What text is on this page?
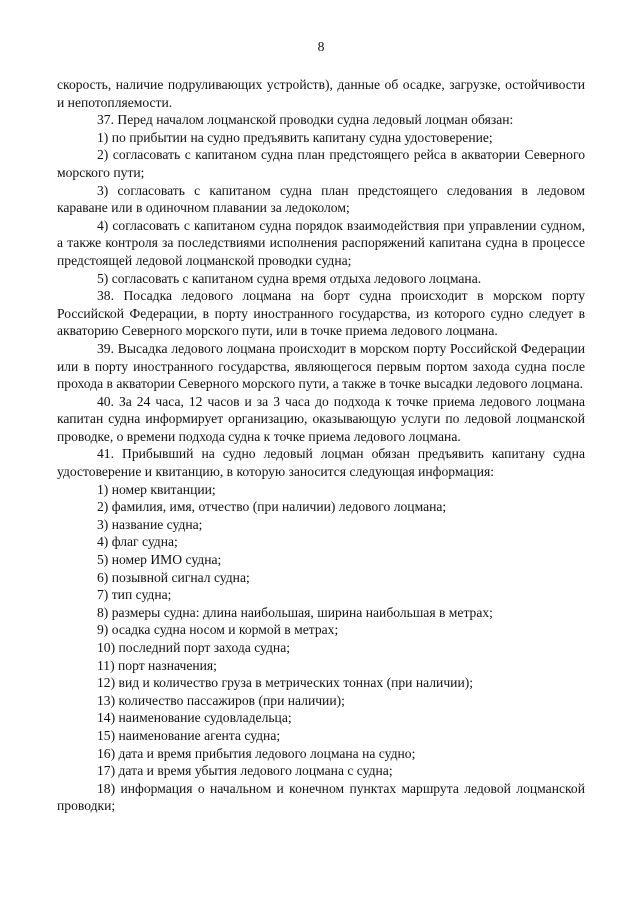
8

скорость, наличие подруливающих устройств), данные об осадке, загрузке, остойчивости и непотопляемости.

37. Перед началом лоцманской проводки судна ледовый лоцман обязан:

1) по прибытии на судно предъявить капитану судна удостоверение;

2) согласовать с капитаном судна план предстоящего рейса в акватории Северного морского пути;

3) согласовать с капитаном судна план предстоящего следования в ледовом караване или в одиночном плавании за ледоколом;

4) согласовать с капитаном судна порядок взаимодействия при управлении судном, а также контроля за последствиями исполнения распоряжений капитана судна в процессе предстоящей ледовой лоцманской проводки судна;

5) согласовать с капитаном судна время отдыха ледового лоцмана.

38. Посадка ледового лоцмана на борт судна происходит в морском порту Российской Федерации, в порту иностранного государства, из которого судно следует в акваторию Северного морского пути, или в точке приема ледового лоцмана.

39. Высадка ледового лоцмана происходит в морском порту Российской Федерации или в порту иностранного государства, являющегося первым портом захода судна после прохода в акватории Северного морского пути, а также в точке высадки ледового лоцмана.

40. За 24 часа, 12 часов и за 3 часа до подхода к точке приема ледового лоцмана капитан судна информирует организацию, оказывающую услуги по ледовой лоцманской проводке, о времени подхода судна к точке приема ледового лоцмана.

41. Прибывший на судно ледовый лоцман обязан предъявить капитану судна удостоверение и квитанцию, в которую заносится следующая информация:

1) номер квитанции;

2) фамилия, имя, отчество (при наличии) ледового лоцмана;

3) название судна;

4) флаг судна;

5) номер ИМО судна;

6) позывной сигнал судна;

7) тип судна;

8) размеры судна: длина наибольшая, ширина наибольшая в метрах;

9) осадка судна носом и кормой в метрах;

10) последний порт захода судна;

11) порт назначения;

12) вид и количество груза в метрических тоннах (при наличии);

13) количество пассажиров (при наличии);

14) наименование судовладельца;

15) наименование агента судна;

16) дата и время прибытия ледового лоцмана на судно;

17) дата и время убытия ледового лоцмана с судна;

18) информация о начальном и конечном пунктах маршрута ледовой лоцманской проводки;
